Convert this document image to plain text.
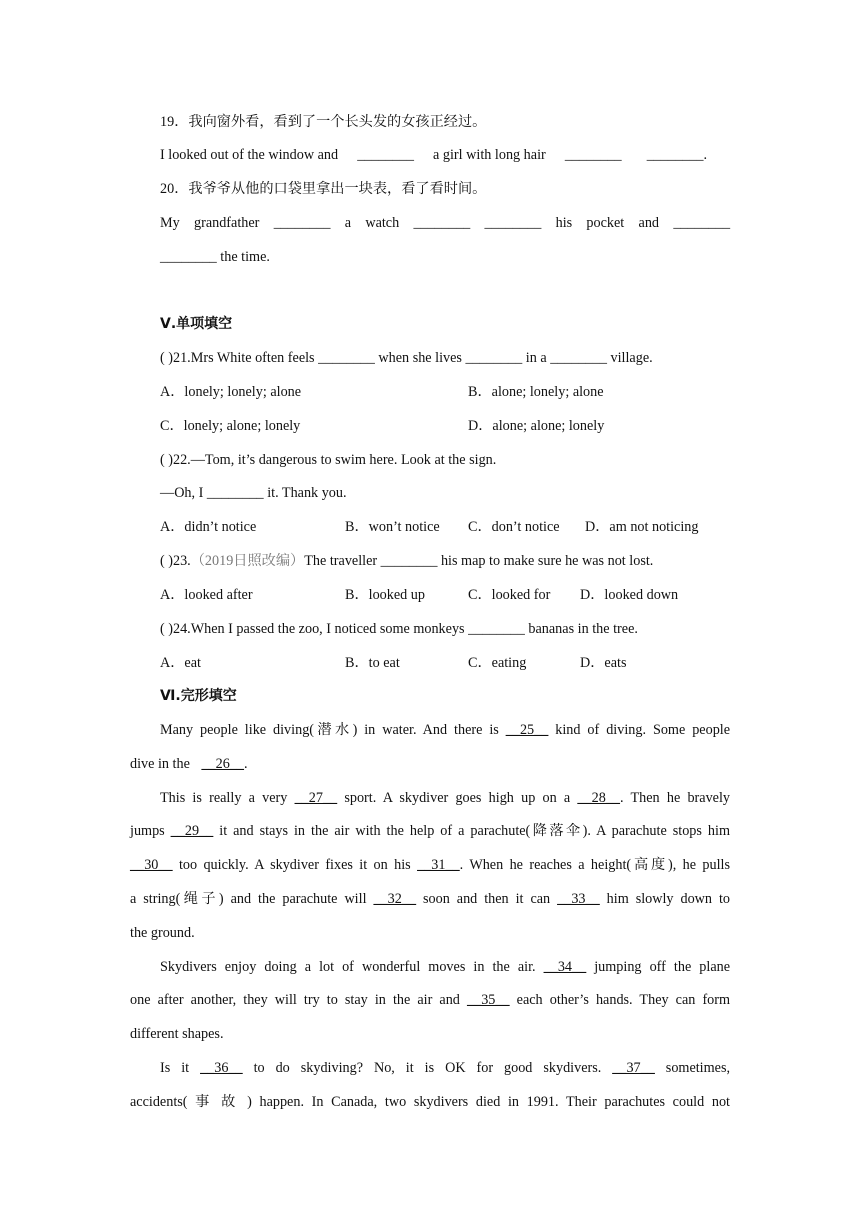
19．我向窗外看，看到了一个长头发的女孩正经过。
I looked out of the window and ________ a girl with long hair ________ ________.
20．我爷爷从他的口袋里拿出一块表，看了看时间。
My grandfather ________ a watch ________ ________ his pocket and ________
________ the time.
Ⅴ.单项填空
( )21.Mrs White often feels ________ when she lives ________ in a ________ village.
A．lonely; lonely; alone	B．alone; lonely; alone
C．lonely; alone; lonely	D．alone; alone; lonely
( )22.—Tom, it’s dangerous to swim here. Look at the sign.
—Oh, I ________ it. Thank you.
A．didn’t notice	B．won’t notice C．don’t notice D．am not noticing
( )23.（2019日照改编）The traveller ________ his map to make sure he was not lost.
A．looked after	B．looked up	C．looked for D．looked down
( )24.When I passed the zoo, I noticed some monkeys ________ bananas in the tree.
A．eat	B．to eat	C．eating	D．eats
Ⅵ.完形填空
Many people like diving(潜水) in water. And there is __25__ kind of diving. Some people
dive in the __26__.
This is really a very __27__ sport. A skydiver goes high up on a __28__. Then he bravely
jumps __29__ it and stays in the air with the help of a parachute(降落伞). A parachute stops him
__30__ too quickly. A skydiver fixes it on his __31__. When he reaches a height(高度), he pulls
a string(绳子) and the parachute will __32__ soon and then it can __33__ him slowly down to
the ground.
Skydivers enjoy doing a lot of wonderful moves in the air. __34__ jumping off the plane
one after another, they will try to stay in the air and __35__ each other’s hands. They can form
different shapes.
Is it __36__ to do skydiving? No, it is OK for good skydivers. __37__ sometimes,
accidents( 事 故 ) happen. In Canada, two skydivers died in 1991. Their parachutes could not
